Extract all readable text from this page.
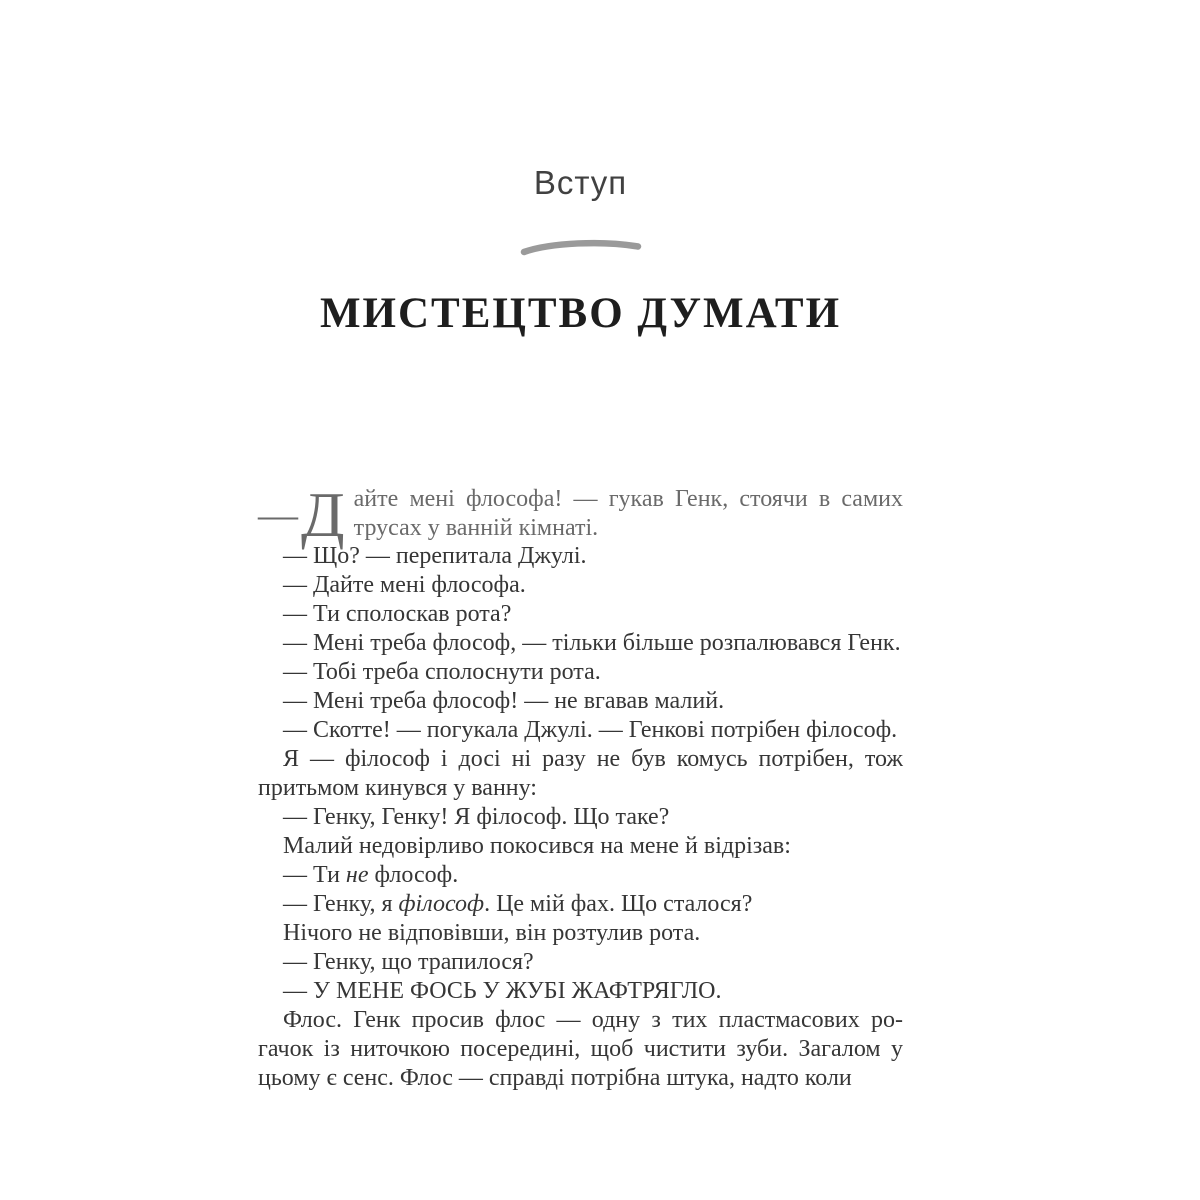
Вступ
МИСТЕЦТВО ДУМАТИ

— Д айте мені флософа! — гукав Генк, стоячи в самих трусах у ванній кімнаті.

— Що? — перепитала Джулі.

— Дайте мені флософа.

— Ти сполоскав рота?

— Мені треба флософ, — тільки більше розпалювався Генк.

— Тобі треба сполоснути рота.

— Мені треба флософ! — не вгавав малий.

— Скотте! — погукала Джулі. — Генкові потрібен філософ.

Я — філософ і досі ні разу не був комусь потрібен, тож притьмом кинувся у ванну:

— Генку, Генку! Я філософ. Що таке?

Малий недовірливо покосився на мене й відрізав:

— Ти не флософ.

— Генку, я філософ. Це мій фах. Що сталося?

Нічого не відповівши, він розтулив рота.

— Генку, що трапилося?

— У МЕНЕ ФОСЬ У ЖУБІ ЖАФТРЯГЛО.

Флос. Генк просив флос — одну з тих пластмасових рогачок із ниточкою посередині, щоб чистити зуби. Загалом у цьому є сенс. Флос — справді потрібна штука, надто коли
